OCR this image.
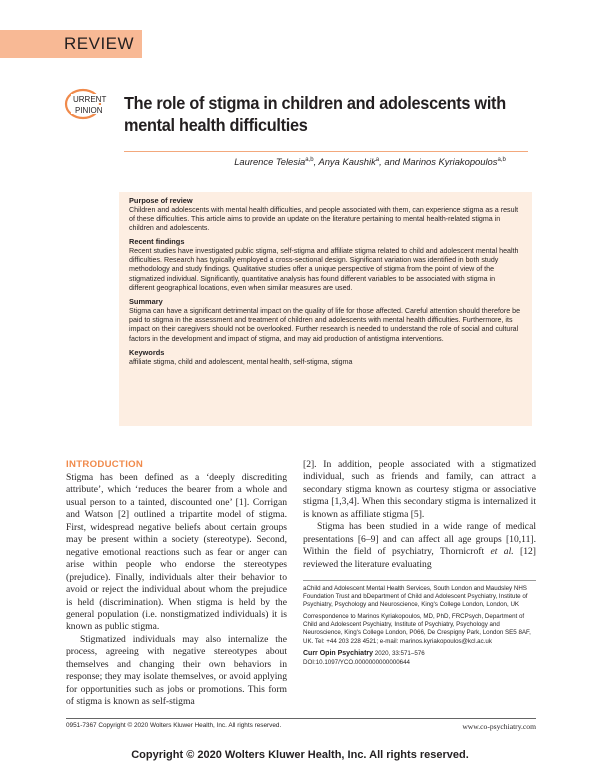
REVIEW
URRENT
PINION The role of stigma in children and adolescents with mental health difficulties
Laurence Telesia$^{a,b}$, Anya Kaushik$^a$, and Marinos Kyriakopoulos$^{a,b}$
Purpose of review

Children and adolescents with mental health difficulties, and people associated with them, can experience stigma as a result of these difficulties. This article aims to provide an update on the literature pertaining to mental health-related stigma in children and adolescents.

Recent findings

Recent studies have investigated public stigma, self-stigma and affiliate stigma related to child and adolescent mental health difficulties. Research has typically employed a cross-sectional design. Significant variation was identified in both study methodology and study findings. Qualitative studies offer a unique perspective of stigma from the point of view of the stigmatized individual. Significantly, quantitative analysis has found different variables to be associated with stigma in different geographical locations, even when similar measures are used.

Summary

Stigma can have a significant detrimental impact on the quality of life for those affected. Careful attention should therefore be paid to stigma in the assessment and treatment of children and adolescents with mental health difficulties. Furthermore, its impact on their caregivers should not be overlooked. Further research is needed to understand the role of social and cultural factors in the development and impact of stigma, and may aid production of antistigma interventions.

Keywords

affiliate stigma, child and adolescent, mental health, self-stigma, stigma

INTRODUCTION

Stigma has been defined as a ‘deeply discrediting attribute’, which ‘reduces the bearer from a whole and usual person to a tainted, discounted one’ [1]. Corrigan and Watson [2] outlined a tripartite model of stigma. First, widespread negative beliefs about certain groups may be present within a society (stereotype). Second, negative emotional reactions such as fear or anger can arise within people who endorse the stereotypes (prejudice). Finally, individuals alter their behavior to avoid or reject the individual about whom the prejudice is held (discrimination). When stigma is held by the general population (i.e. nonstigmatized individuals) it is known as public stigma.

Stigmatized individuals may also internalize the process, agreeing with negative stereotypes about themselves and changing their own behaviors in response; they may isolate themselves, or avoid applying for opportunities such as jobs or promotions. This form of stigma is known as self-stigma

[2]. In addition, people associated with a stigmatized individual, such as friends and family, can attract a secondary stigma known as courtesy stigma or associative stigma [1,3,4]. When this secondary stigma is internalized it is known as affiliate stigma [5].

Stigma has been studied in a wide range of medical presentations [6–9] and can affect all age groups [10,11]. Within the field of psychiatry, Thornicroft et al. [12] reviewed the literature evaluating

aChild and Adolescent Mental Health Services, South London and Maudsley NHS Foundation Trust and bDepartment of Child and Adolescent Psychiatry, Institute of Psychiatry, Psychology and Neuroscience, King's College London, London, UK

Correspondence to Marinos Kyriakopoulos, MD, PhD, FRCPsych, Department of Child and Adolescent Psychiatry, Institute of Psychiatry, Psychology and Neuroscience, King's College London, P066, De Crespigny Park, London SE5 8AF, UK. Tel: +44 203 228 4521; e-mail: marinos.kyriakopoulos@kcl.ac.uk

Curr Opin Psychiatry 2020, 33:571–576

DOI:10.1097/YCO.0000000000000644

0951-7367 Copyright © 2020 Wolters Kluwer Health, Inc. All rights reserved.	www.co-psychiatry.com
Copyright © 2020 Wolters Kluwer Health, Inc. All rights reserved.
